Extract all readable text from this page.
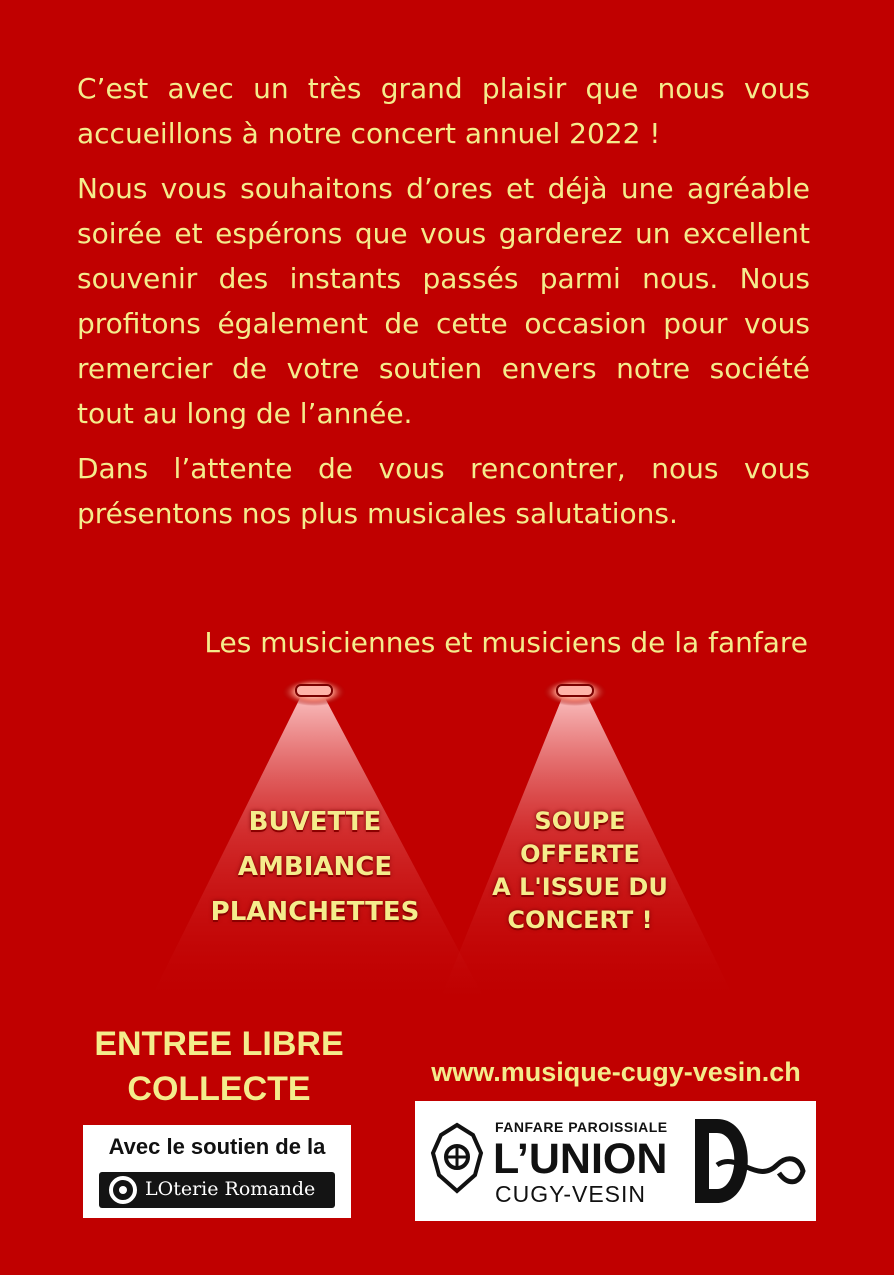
C’est avec un très grand plaisir que nous vous accueillons à notre concert annuel 2022 !

Nous vous souhaitons d’ores et déjà une agréable soirée et espérons que vous garderez un excellent souvenir des instants passés parmi nous. Nous profitons également de cette occasion pour vous remercier de votre soutien envers notre société tout au long de l’année.

Dans l’attente de vous rencontrer, nous vous présentons nos plus musicales salutations.

Les musiciennes et musiciens de la fanfare
BUVETTE
AMBIANCE
PLANCHETTES
SOUPE
OFFERTE
A L'ISSUE DU
CONCERT !
ENTREE LIBRE
COLLECTE	www.musique-cugy-vesin.ch
Avec le soutien de la
LOterie Romande
FANFARE PAROISSIALE
L’UNION
CUGY-VESIN
